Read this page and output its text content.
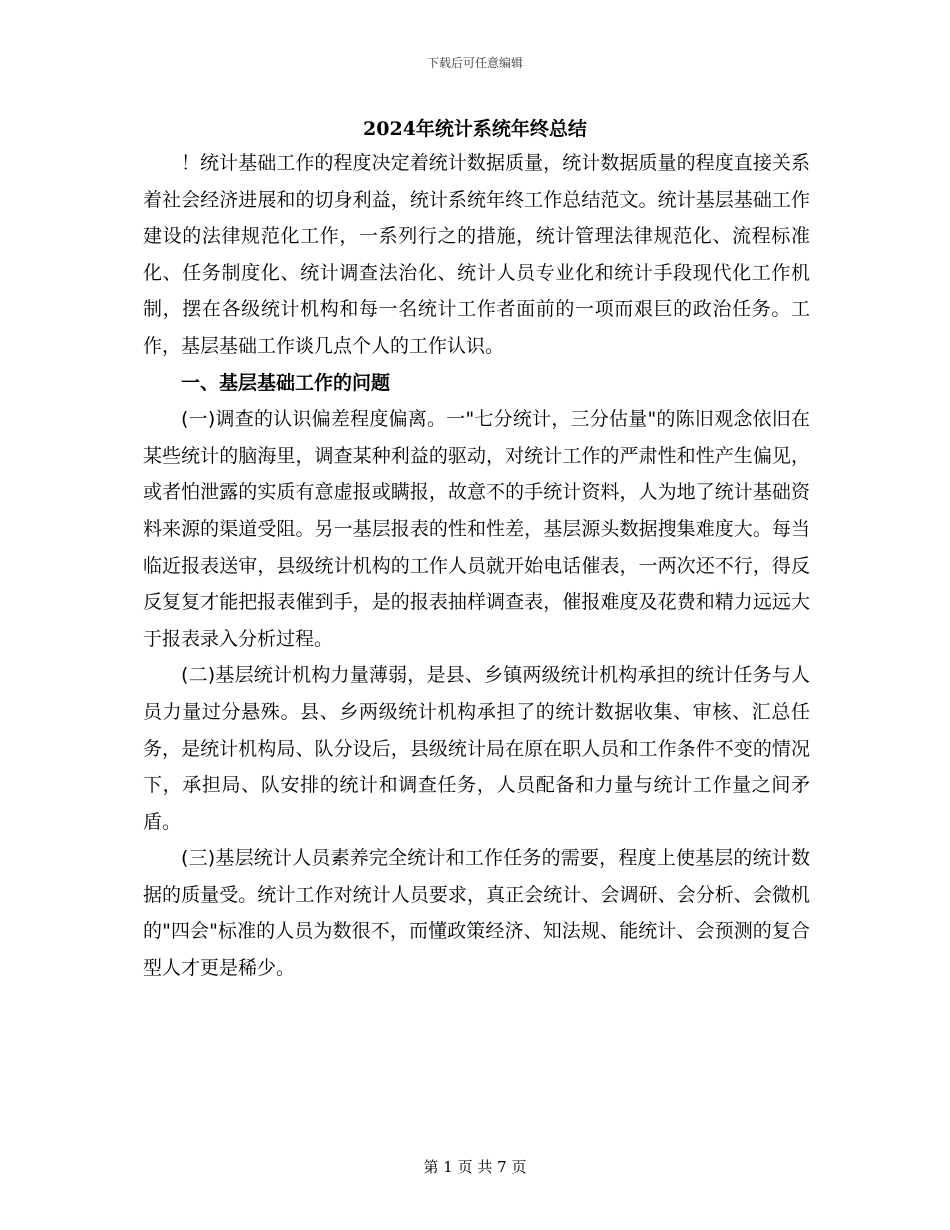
下载后可任意编辑
2024年统计系统年终总结

！统计基础工作的程度决定着统计数据质量，统计数据质量的程度直接关系着社会经济进展和的切身利益，统计系统年终工作总结范文。统计基层基础工作建设的法律规范化工作，一系列行之的措施，统计管理法律规范化、流程标准化、任务制度化、统计调查法治化、统计人员专业化和统计手段现代化工作机制，摆在各级统计机构和每一名统计工作者面前的一项而艰巨的政治任务。工作，基层基础工作谈几点个人的工作认识。

一、基层基础工作的问题

(一)调查的认识偏差程度偏离。一"七分统计，三分估量"的陈旧观念依旧在某些统计的脑海里，调查某种利益的驱动，对统计工作的严肃性和性产生偏见，或者怕泄露的实质有意虚报或瞒报，故意不的手统计资料，人为地了统计基础资料来源的渠道受阻。另一基层报表的性和性差，基层源头数据搜集难度大。每当临近报表送审，县级统计机构的工作人员就开始电话催表，一两次还不行，得反反复复才能把报表催到手，是的报表抽样调查表，催报难度及花费和精力远远大于报表录入分析过程。

(二)基层统计机构力量薄弱，是县、乡镇两级统计机构承担的统计任务与人员力量过分悬殊。县、乡两级统计机构承担了的统计数据收集、审核、汇总任务，是统计机构局、队分设后，县级统计局在原在职人员和工作条件不变的情况下，承担局、队安排的统计和调查任务，人员配备和力量与统计工作量之间矛盾。

(三)基层统计人员素养完全统计和工作任务的需要，程度上使基层的统计数据的质量受。统计工作对统计人员要求，真正会统计、会调研、会分析、会微机的"四会"标准的人员为数很不，而懂政策经济、知法规、能统计、会预测的复合型人才更是稀少。

第 1 页 共 7 页
